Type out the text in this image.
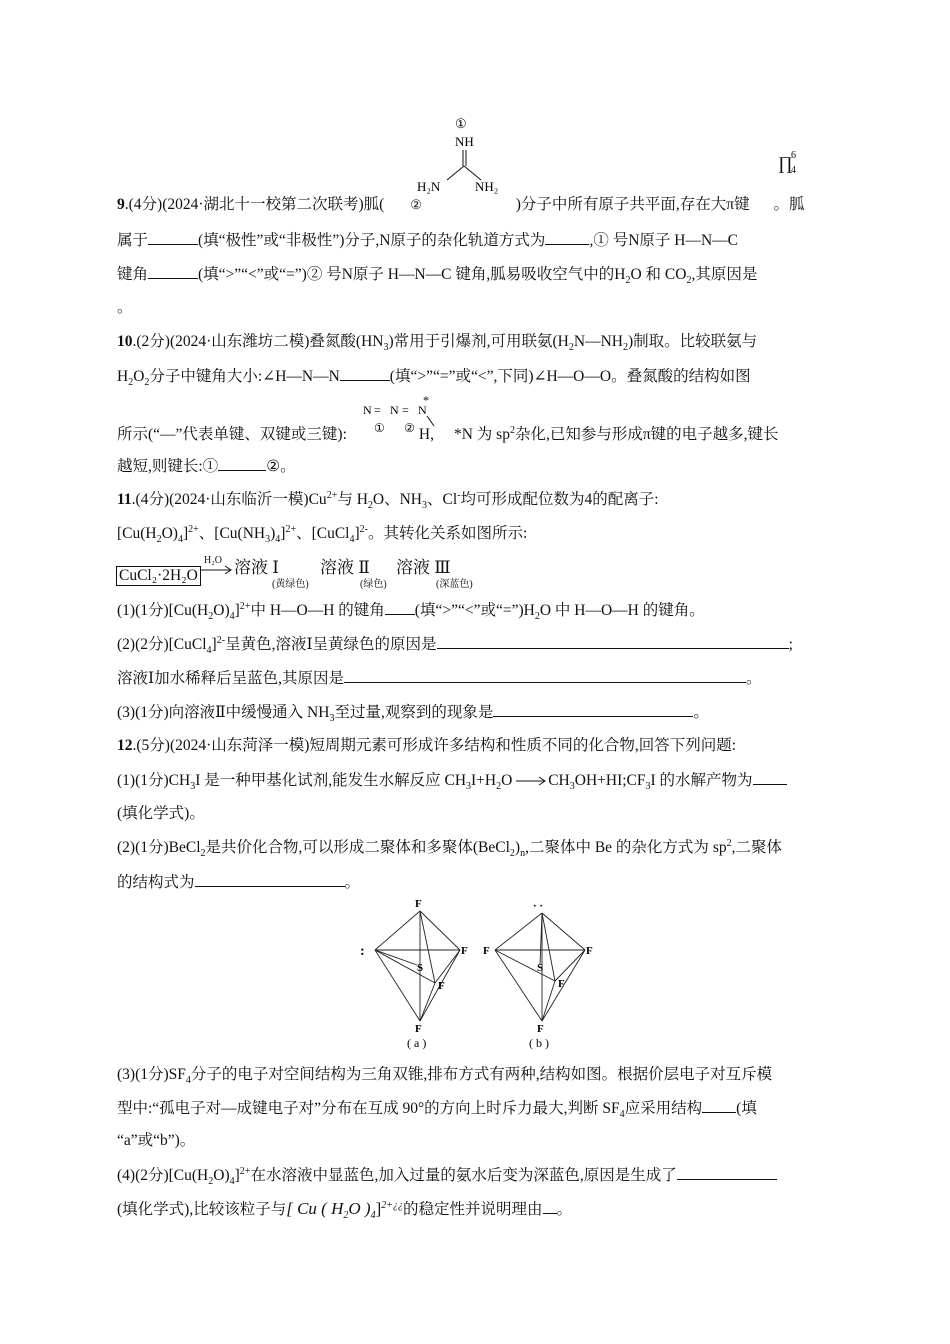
①
NH
H₂N	NH₂
∏
6
4
9.(4分)(2024·湖北十一校第二次联考)胍( ②	)分子中所有原子共平面,存在大π键 。胍
属于	(填“极性”或“非极性”)分子,N原子的杂化轨道方式为	,① 号N原子 H—N—C
键角	(填“>”“<”或“=”)② 号N原子 H—N—C 键角,胍易吸收空气中的$H_2O$ 和 $CO_2$,其原因是
。
10.(2分)(2024·山东潍坊二模)叠氮酸$(HN_3)$常用于引爆剂,可用联氨$(H_2N—NH_2)$制取。比较联氨与
$H_2O_2$分子中键角大小:∠H—N—N	(填“>”“=”或“<”,下同)∠H—O—O。叠氮酸的结构如图
*
N = N = N
① ②
所示(“—”代表单键、双键或三键):	H, *N 为 $sp^2$杂化,已知参与形成π键的电子越多,键长
越短,则键长:①	②。
11.(4分)(2024·山东临沂一模)$Cu^{2+}$与 $H_2O$、$NH_3$、Cl-均可形成配位数为4的配离子:
$[Cu(H_2O)_4]^{2+}$、$[Cu(NH_3)_4]^{2+}$、[CuCl$_4$]$^{2-}$。其转化关系如图所示:
CuCl₂·2H₂O
H₂O 溶液 Ⅰ
(黄绿色)
溶液 Ⅱ
(绿色)
溶液 Ⅲ
(深蓝色)
(1)(1分)$[Cu(H_2O)_4]^{2+}$中 H—O—H 的键角 (填“>”“<”或“$=”)H_2O$ 中 H—O—H 的键角。
(2)(2分)[CuCl$_4$]$^{2-}$呈黄色,溶液Ⅰ呈黄绿色的原因是	;
溶液Ⅰ加水稀释后呈蓝色,其原因是	。
(3)(1分)向溶液Ⅱ中缓慢通入 $NH_3$至过量,观察到的现象是	。
12.(5分)(2024·山东菏泽一模)短周期元素可形成许多结构和性质不同的化合物,回答下列问题:
(1)(1分)$CH_3I$ 是一种甲基化试剂,能发生水解反应 $CH_3I+H_2O$ $\to CH_3OH+HI;CF_3I$ 的水解产物为
(填化学式)。
(2)(1分)BeCl$_2$是共价化合物,可以形成二聚体和多聚体$(BeCl_2)_n$,二聚体中 Be 的杂化方式为 $sp^2$,二聚体
的结构式为	。
F
:	F
S
F
F
( a )
· ·
F	F
S
F
F
( b )
(3)(1分)$SF_4$分子的电子对空间结构为三角双锥,排布方式有两种,结构如图。根据价层电子对互斥模
型中:“孤电子对—成键电子对”分布在互成 90°的方向上时斥力最大,判断 $SF_4$应采用结构 (填
“a”或“b”)。
(4)(2分)$[Cu(H_2O)_4]^{2+}$在水溶液中显蓝色,加入过量的氨水后变为深蓝色,原因是生成了
(填化学式),比较该粒子与[ Cu ( $H_2O$ )$_4]^{2+¿¿}$的稳定性并说明理由 。
